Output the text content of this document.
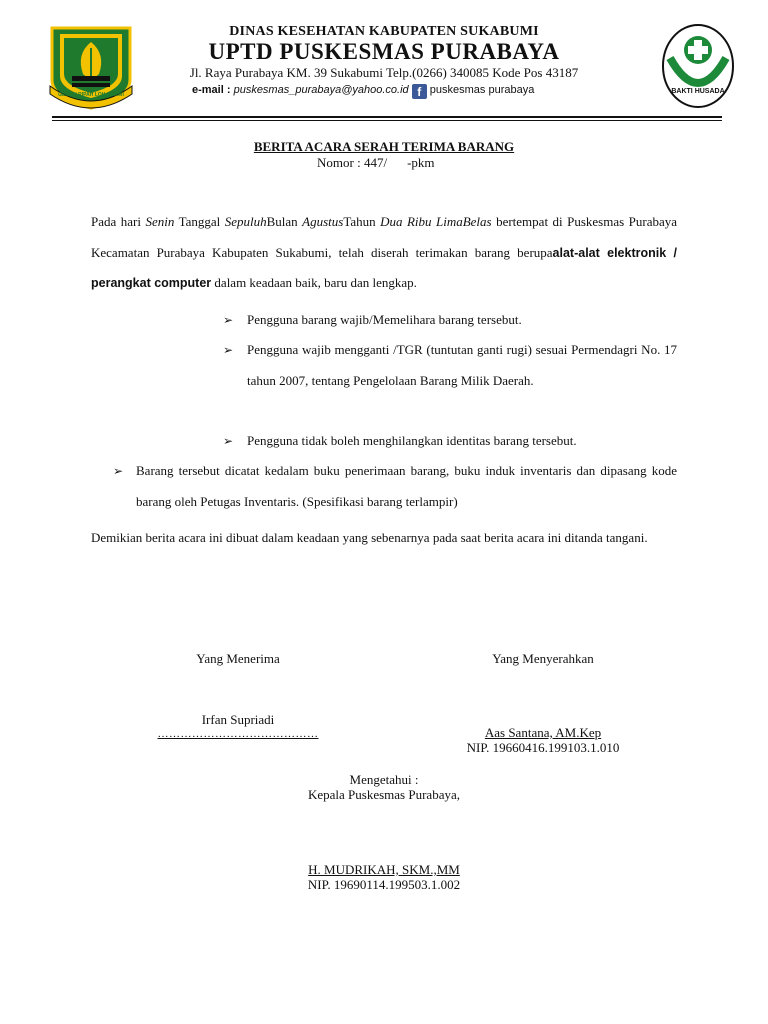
GEMAH RIPAH LOH JINAWI	BAKTI HUSADA
DINAS KESEHATAN KABUPATEN SUKABUMI
UPTD PUSKESMAS PURABAYA
Jl. Raya Purabaya KM. 39 Sukabumi Telp.(0266) 340085 Kode Pos 43187
e-mail : puskesmas_purabaya@yahoo.co.id f puskesmas purabaya
BERITA ACARA SERAH TERIMA BARANG
Nomor : 447/ -pkm
Pada hari Senin Tanggal SepuluhBulan AgustusTahun Dua Ribu LimaBelas bertempat di Puskesmas Purabaya Kecamatan Purabaya Kabupaten Sukabumi, telah diserah terimakan barang berupaalat-alat elektronik / perangkat computer dalam keadaan baik, baru dan lengkap.
➢ Pengguna barang wajib/Memelihara barang tersebut.
➢ Pengguna wajib mengganti /TGR (tuntutan ganti rugi) sesuai Permendagri No. 17 tahun 2007, tentang Pengelolaan Barang Milik Daerah.
➢ Pengguna tidak boleh menghilangkan identitas barang tersebut.
➢ Barang tersebut dicatat kedalam buku penerimaan barang, buku induk inventaris dan dipasang kode barang oleh Petugas Inventaris. (Spesifikasi barang terlampir)
Demikian berita acara ini dibuat dalam keadaan yang sebenarnya pada saat berita acara ini ditanda tangani.
Yang Menerima	Yang Menyerahkan
Irfan Supriadi
……………………………………	Aas Santana, AM.Kep
NIP. 19660416.199103.1.010
Mengetahui :
Kepala Puskesmas Purabaya,
H. MUDRIKAH, SKM.,MM
NIP. 19690114.199503.1.002
